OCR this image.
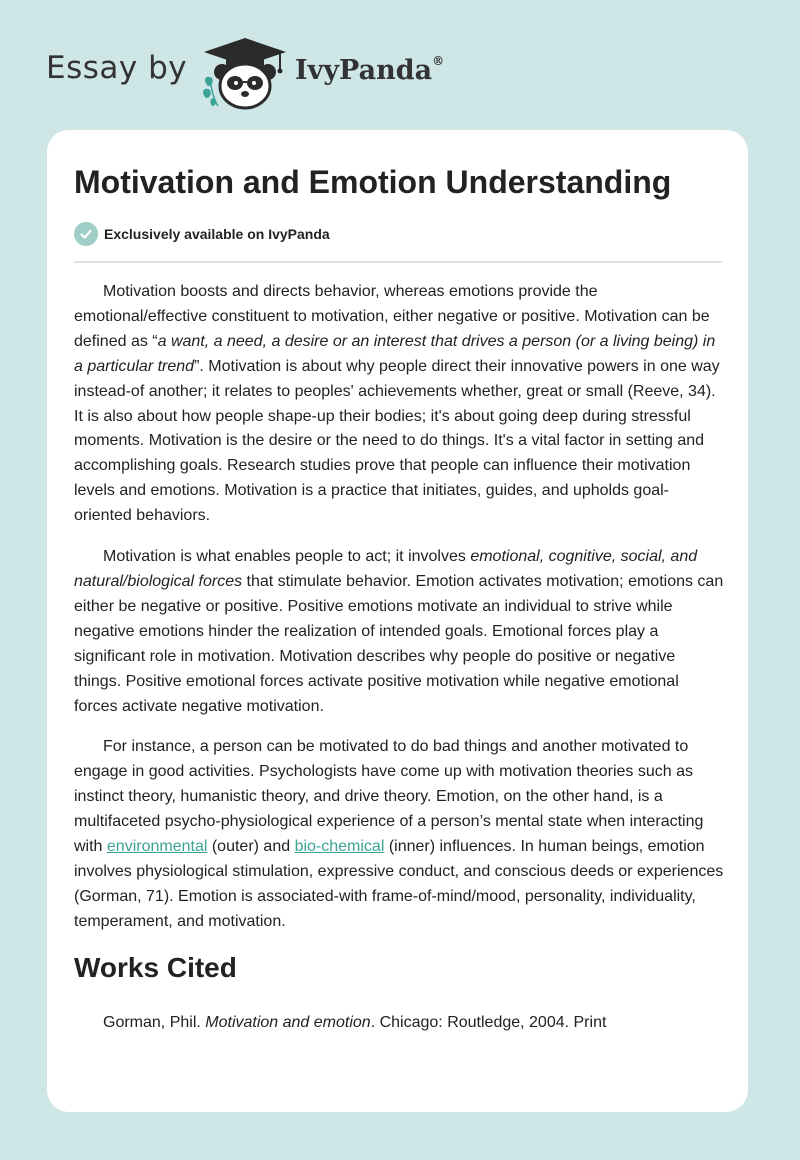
Essay by	IvyPanda®
Motivation and Emotion Understanding
Exclusively available on IvyPanda

Motivation boosts and directs behavior, whereas emotions provide the emotional/effective constituent to motivation, either negative or positive. Motivation can be defined as “a want, a need, a desire or an interest that drives a person (or a living being) in a particular trend”. Motivation is about why people direct their innovative powers in one way instead-of another; it relates to peoples' achievements whether, great or small (Reeve, 34). It is also about how people shape-up their bodies; it's about going deep during stressful moments. Motivation is the desire or the need to do things. It's a vital factor in setting and accomplishing goals. Research studies prove that people can influence their motivation levels and emotions. Motivation is a practice that initiates, guides, and upholds goal-oriented behaviors.

Motivation is what enables people to act; it involves emotional, cognitive, social, and natural/biological forces that stimulate behavior. Emotion activates motivation; emotions can either be negative or positive. Positive emotions motivate an individual to strive while negative emotions hinder the realization of intended goals. Emotional forces play a significant role in motivation. Motivation describes why people do positive or negative things. Positive emotional forces activate positive motivation while negative emotional forces activate negative motivation.

For instance, a person can be motivated to do bad things and another motivated to engage in good activities. Psychologists have come up with motivation theories such as instinct theory, humanistic theory, and drive theory. Emotion, on the other hand, is a multifaceted psycho-physiological experience of a person’s mental state when interacting with environmental (outer) and bio-chemical (inner) influences. In human beings, emotion involves physiological stimulation, expressive conduct, and conscious deeds or experiences (Gorman, 71). Emotion is associated-with frame-of-mind/mood, personality, individuality, temperament, and motivation.

Works Cited

Gorman, Phil. Motivation and emotion. Chicago: Routledge, 2004. Print
